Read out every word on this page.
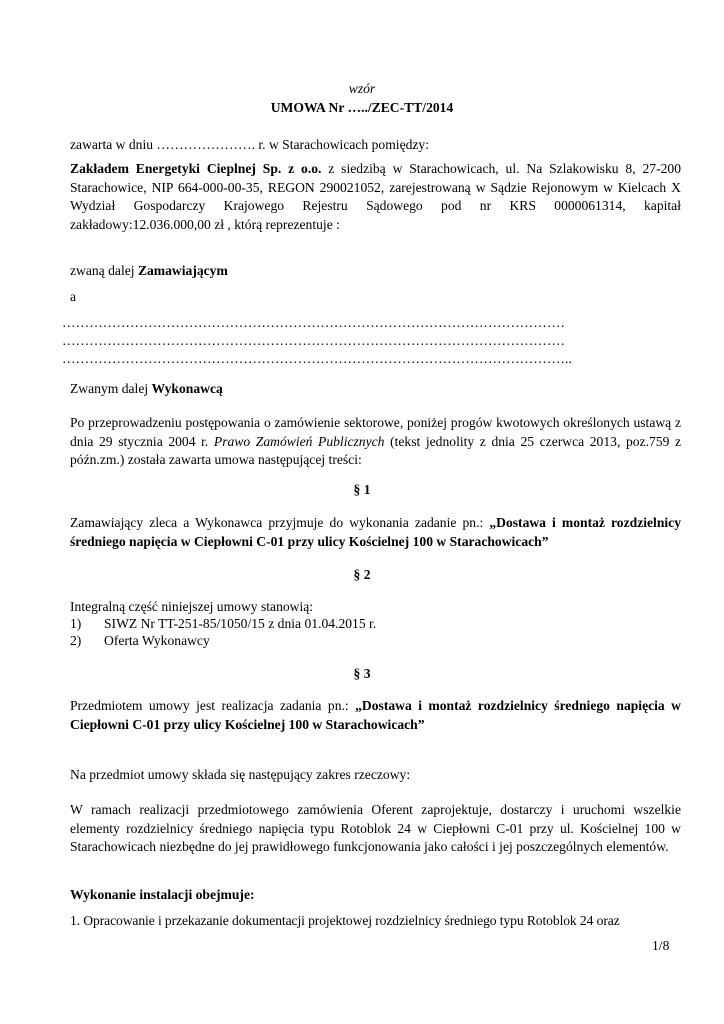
wzór
UMOWA Nr …../ZEC-TT/2014
zawarta w dniu …………………. r. w Starachowicach pomiędzy:
Zakładem Energetyki Cieplnej Sp. z o.o. z siedzibą w Starachowicach, ul. Na Szlakowisku 8, 27-200 Starachowice, NIP 664-000-00-35, REGON 290021052, zarejestrowaną w Sądzie Rejonowym w Kielcach X Wydział Gospodarczy Krajowego Rejestru Sądowego pod nr KRS 0000061314, kapitał zakładowy:12.036.000,00 zł , którą reprezentuje :
zwaną dalej Zamawiającym
a
…………………………………………………………………………………………………
…………………………………………………………………………………………………
…………………………………………………………………………………………………..
Zwanym dalej Wykonawcą
Po przeprowadzeniu postępowania o zamówienie sektorowe, poniżej progów kwotowych określonych ustawą z dnia 29 stycznia 2004 r. Prawo Zamówień Publicznych (tekst jednolity z dnia 25 czerwca 2013, poz.759 z późn.zm.) została zawarta umowa następującej treści:
§ 1
Zamawiający zleca a Wykonawca przyjmuje do wykonania zadanie pn.: „Dostawa i montaż rozdzielnicy średniego napięcia w Ciepłowni C-01 przy ulicy Kościelnej 100 w Starachowicach”
§ 2
Integralną część niniejszej umowy stanowią:
1) SIWZ Nr TT-251-85/1050/15 z dnia 01.04.2015 r.
2) Oferta Wykonawcy
§ 3
Przedmiotem umowy jest realizacja zadania pn.: „Dostawa i montaż rozdzielnicy średniego napięcia w Ciepłowni C-01 przy ulicy Kościelnej 100 w Starachowicach”
Na przedmiot umowy składa się następujący zakres rzeczowy:
W ramach realizacji przedmiotowego zamówienia Oferent zaprojektuje, dostarczy i uruchomi wszelkie elementy rozdzielnicy średniego napięcia typu Rotoblok 24 w Ciepłowni C-01 przy ul. Kościelnej 100 w Starachowicach niezbędne do jej prawidłowego funkcjonowania jako całości i jej poszczególnych elementów.
Wykonanie instalacji obejmuje:
1. Opracowanie i przekazanie dokumentacji projektowej rozdzielnicy średniego typu Rotoblok 24 oraz
1/8
